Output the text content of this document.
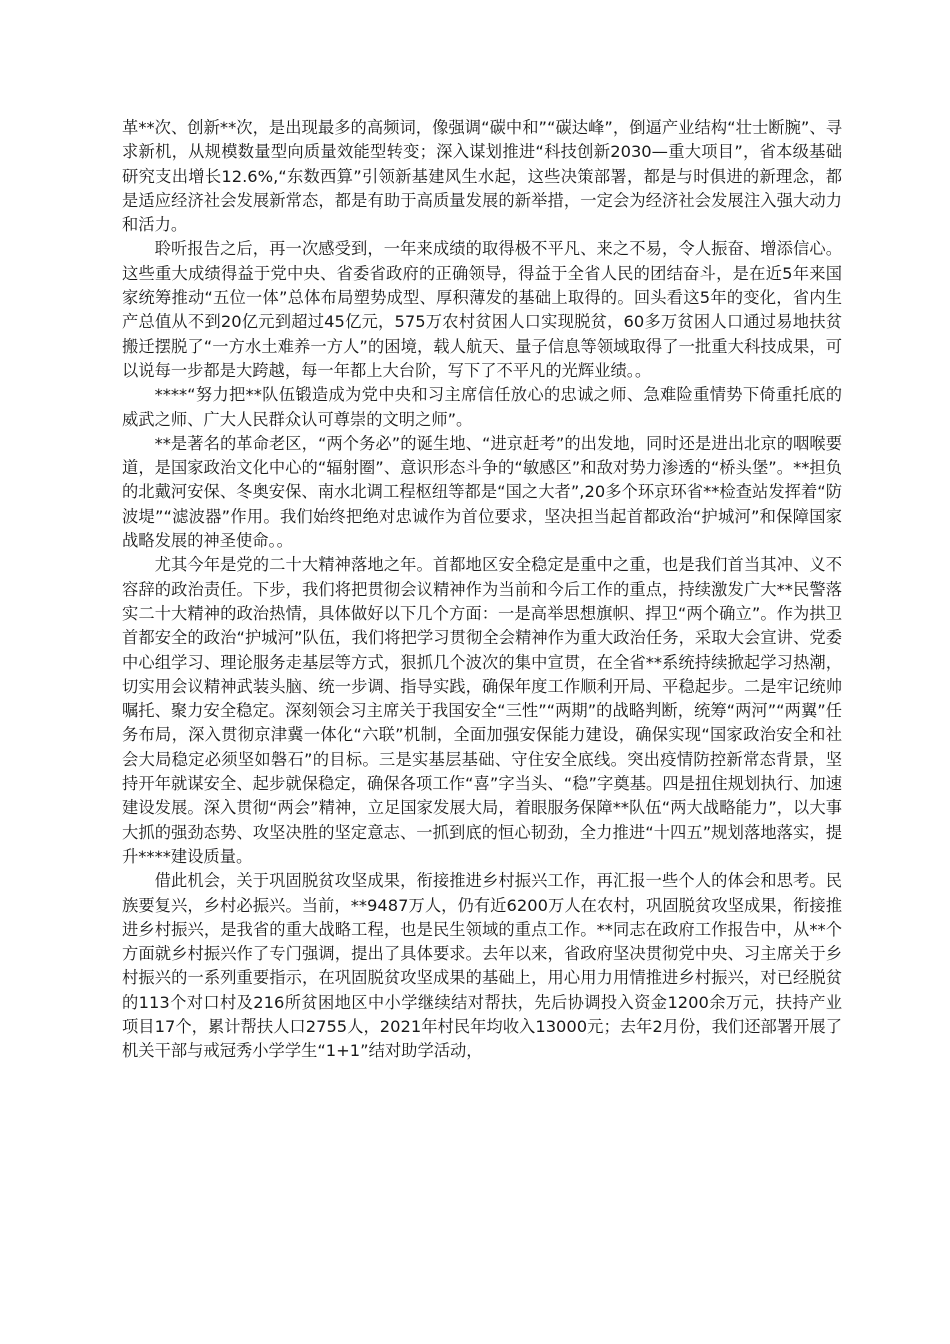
革**次、创新**次，是出现最多的高频词，像强调“碳中和”“碳达峰”，倒逼产业结构“壮士断腕”、寻求新机，从规模数量型向质量效能型转变；深入谋划推进“科技创新2030—重大项目”，省本级基础研究支出增长12.6%,“东数西算”引领新基建风生水起，这些决策部署，都是与时俱进的新理念，都是适应经济社会发展新常态，都是有助于高质量发展的新举措，一定会为经济社会发展注入强大动力和活力。

聆听报告之后，再一次感受到，一年来成绩的取得极不平凡、来之不易，令人振奋、增添信心。这些重大成绩得益于党中央、省委省政府的正确领导，得益于全省人民的团结奋斗，是在近5年来国家统筹推动“五位一体”总体布局塑势成型、厚积薄发的基础上取得的。回头看这5年的变化，省内生产总值从不到20亿元到超过45亿元，575万农村贫困人口实现脱贫，60多万贫困人口通过易地扶贫搬迁摆脱了“一方水土难养一方人”的困境，载人航天、量子信息等领域取得了一批重大科技成果，可以说每一步都是大跨越，每一年都上大台阶，写下了不平凡的光辉业绩。。

****“努力把**队伍锻造成为党中央和习主席信任放心的忠诚之师、急难险重情势下倚重托底的威武之师、广大人民群众认可尊崇的文明之师”。

**是著名的革命老区，“两个务必”的诞生地、“进京赶考”的出发地，同时还是进出北京的咽喉要道，是国家政治文化中心的“辐射圈”、意识形态斗争的“敏感区”和敌对势力渗透的“桥头堡”。**担负的北戴河安保、冬奥安保、南水北调工程枢纽等都是“国之大者”,20多个环京环省**检查站发挥着“防波堤”“滤波器”作用。我们始终把绝对忠诚作为首位要求，坚决担当起首都政治“护城河”和保障国家战略发展的神圣使命。。

尤其今年是党的二十大精神落地之年。首都地区安全稳定是重中之重，也是我们首当其冲、义不容辞的政治责任。下步，我们将把贯彻会议精神作为当前和今后工作的重点，持续激发广大**民警落实二十大精神的政治热情，具体做好以下几个方面：一是高举思想旗帜、捍卫“两个确立”。作为拱卫首都安全的政治“护城河”队伍，我们将把学习贯彻全会精神作为重大政治任务，采取大会宣讲、党委中心组学习、理论服务走基层等方式，狠抓几个波次的集中宣贯，在全省**系统持续掀起学习热潮，切实用会议精神武装头脑、统一步调、指导实践，确保年度工作顺利开局、平稳起步。二是牢记统帅嘱托、聚力安全稳定。深刻领会习主席关于我国安全“三性”“两期”的战略判断，统筹“两河”“两翼”任务布局，深入贯彻京津冀一体化“六联”机制，全面加强安保能力建设，确保实现“国家政治安全和社会大局稳定必须坚如磐石”的目标。三是实基层基础、守住安全底线。突出疫情防控新常态背景，坚持开年就谋安全、起步就保稳定，确保各项工作“喜”字当头、“稳”字奠基。四是扭住规划执行、加速建设发展。深入贯彻“两会”精神，立足国家发展大局，着眼服务保障**队伍“两大战略能力”，以大事大抓的强劲态势、攻坚决胜的坚定意志、一抓到底的恒心韧劲，全力推进“十四五”规划落地落实，提升****建设质量。

借此机会，关于巩固脱贫攻坚成果，衔接推进乡村振兴工作，再汇报一些个人的体会和思考。民族要复兴，乡村必振兴。当前，**9487万人，仍有近6200万人在农村，巩固脱贫攻坚成果，衔接推进乡村振兴，是我省的重大战略工程，也是民生领域的重点工作。**同志在政府工作报告中，从**个方面就乡村振兴作了专门强调，提出了具体要求。去年以来，省政府坚决贯彻党中央、习主席关于乡村振兴的一系列重要指示，在巩固脱贫攻坚成果的基础上，用心用力用情推进乡村振兴，对已经脱贫的113个对口村及216所贫困地区中小学继续结对帮扶，先后协调投入资金1200余万元，扶持产业项目17个，累计帮扶人口2755人，2021年村民年均收入13000元；去年2月份，我们还部署开展了机关干部与戒冠秀小学学生“1+1”结对助学活动，
